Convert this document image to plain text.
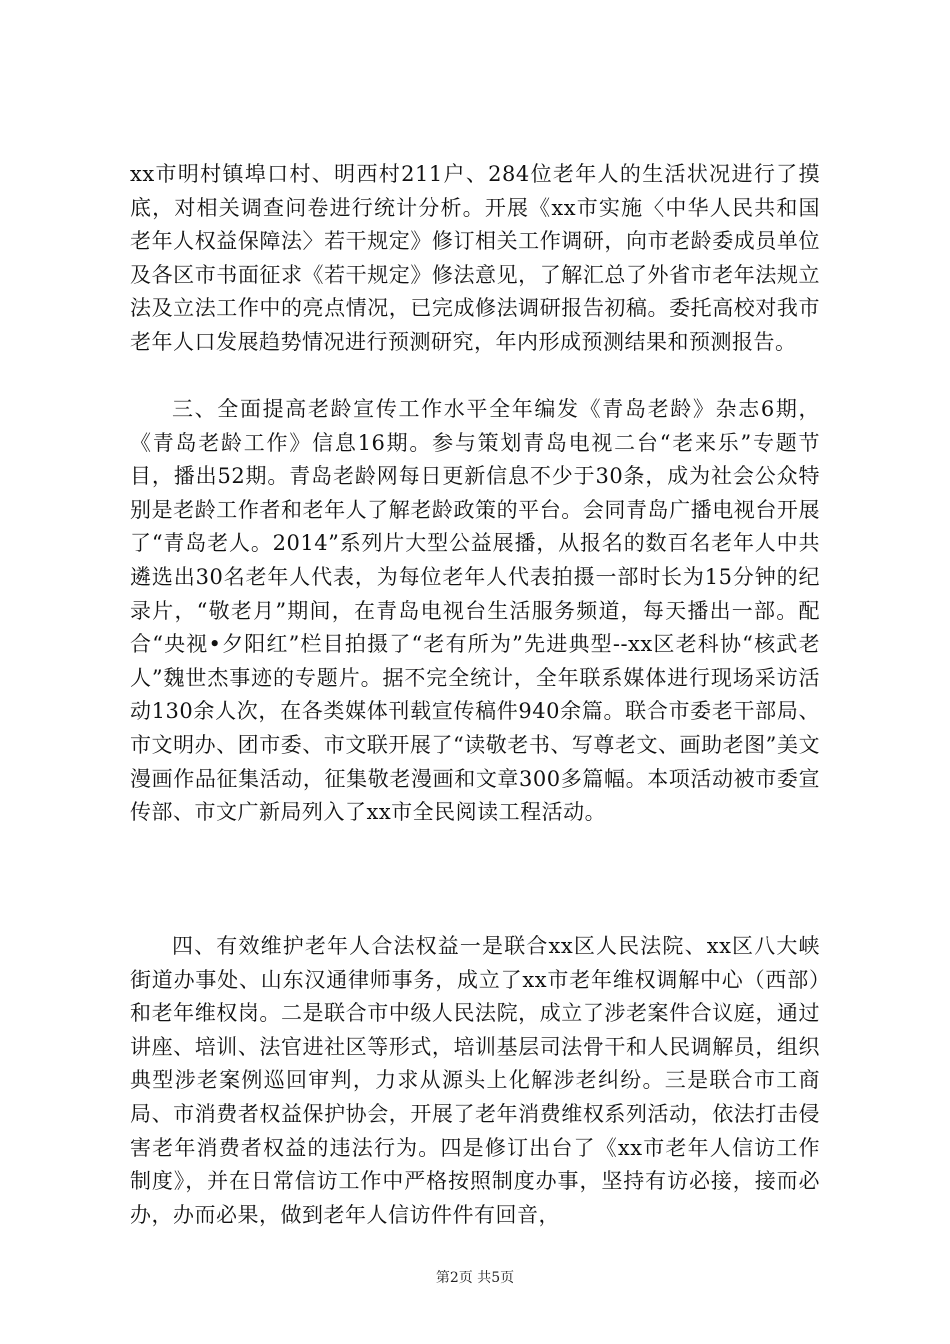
xx市明村镇埠口村、明西村211户、284位老年人的生活状况进行了摸底，对相关调查问卷进行统计分析。开展《xx市实施〈中华人民共和国老年人权益保障法〉若干规定》修订相关工作调研，向市老龄委成员单位及各区市书面征求《若干规定》修法意见，了解汇总了外省市老年法规立法及立法工作中的亮点情况，已完成修法调研报告初稿。委托高校对我市老年人口发展趋势情况进行预测研究，年内形成预测结果和预测报告。

三、全面提高老龄宣传工作水平全年编发《青岛老龄》杂志6期，《青岛老龄工作》信息16期。参与策划青岛电视二台“老来乐”专题节目，播出52期。青岛老龄网每日更新信息不少于30条，成为社会公众特别是老龄工作者和老年人了解老龄政策的平台。会同青岛广播电视台开展了“青岛老人。2014”系列片大型公益展播，从报名的数百名老年人中共遴选出30名老年人代表，为每位老年人代表拍摄一部时长为15分钟的纪录片，“敬老月”期间，在青岛电视台生活服务频道，每天播出一部。配合“央视•夕阳红”栏目拍摄了“老有所为”先进典型--xx区老科协“核武老人”魏世杰事迹的专题片。据不完全统计，全年联系媒体进行现场采访活动130余人次，在各类媒体刊载宣传稿件940余篇。联合市委老干部局、市文明办、团市委、市文联开展了“读敬老书、写尊老文、画助老图”美文漫画作品征集活动，征集敬老漫画和文章300多篇幅。本项活动被市委宣传部、市文广新局列入了xx市全民阅读工程活动。

四、有效维护老年人合法权益一是联合xx区人民法院、xx区八大峡街道办事处、山东汉通律师事务，成立了xx市老年维权调解中心（西部）和老年维权岗。二是联合市中级人民法院，成立了涉老案件合议庭，通过讲座、培训、法官进社区等形式，培训基层司法骨干和人民调解员，组织典型涉老案例巡回审判，力求从源头上化解涉老纠纷。三是联合市工商局、市消费者权益保护协会，开展了老年消费维权系列活动，依法打击侵害老年消费者权益的违法行为。四是修订出台了《xx市老年人信访工作制度》，并在日常信访工作中严格按照制度办事，坚持有访必接，接而必办，办而必果，做到老年人信访件件有回音，

第2页 共5页
